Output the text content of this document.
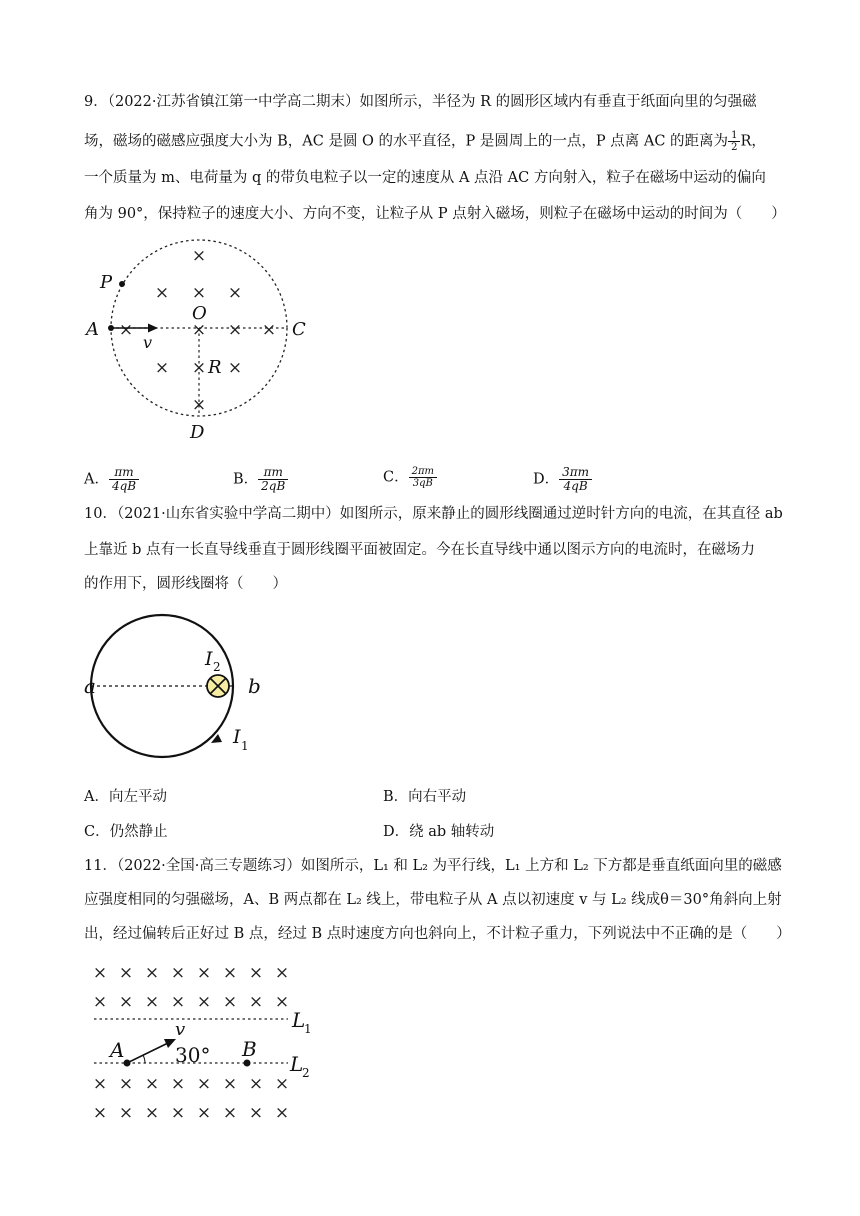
9．（2022·江苏省镇江第一中学高二期末）如图所示，半径为 R 的圆形区域内有垂直于纸面向里的匀强磁
场，磁场的磁感应强度大小为 B，AC 是圆 O 的水平直径，P 是圆周上的一点，P 点离 AC 的距离为 $\frac{1}{2}$ R，
一个质量为 m、电荷量为 q 的带负电粒子以一定的速度从 A 点沿 AC 方向射入，粒子在磁场中运动的偏向
角为 90°，保持粒子的速度大小、方向不变，让粒子从 P 点射入磁场，则粒子在磁场中运动的时间为（　　）
×
× × ×
×	× × ×
× × ×
×
P
A
O
C
v
R
D
A． $\frac{\pi m}{4qB}$	B． $\frac{\pi m}{2qB}$	C． $\frac{2\pi m}{3qB}$	D． $\frac{3\pi m}{4qB}$
10．（2021·山东省实验中学高二期中）如图所示，原来静止的圆形线圈通过逆时针方向的电流，在其直径 ab
上靠近 b 点有一长直导线垂直于圆形线圈平面被固定。今在长直导线中通以图示方向的电流时，在磁场力
的作用下，圆形线圈将（　　）
a	b
I 2
I 1
A．向左平动	B．向右平动
C．仍然静止	D．绕 ab 轴转动
11．（2022·全国·高三专题练习）如图所示，L₁ 和 L₂ 为平行线，L₁ 上方和 L₂ 下方都是垂直纸面向里的磁感
应强度相同的匀强磁场，A、B 两点都在 L₂ 线上，带电粒子从 A 点以初速度 v 与 L₂ 线成θ＝30°角斜向上射
出，经过偏转后正好过 B 点，经过 B 点时速度方向也斜向上，不计粒子重力，下列说法中不正确的是（　　）
× × × × × × × ×
× × × × × × × ×
× × × × × × × ×
× × × × × × × ×
L
1
L
2
A	B
v
30°
